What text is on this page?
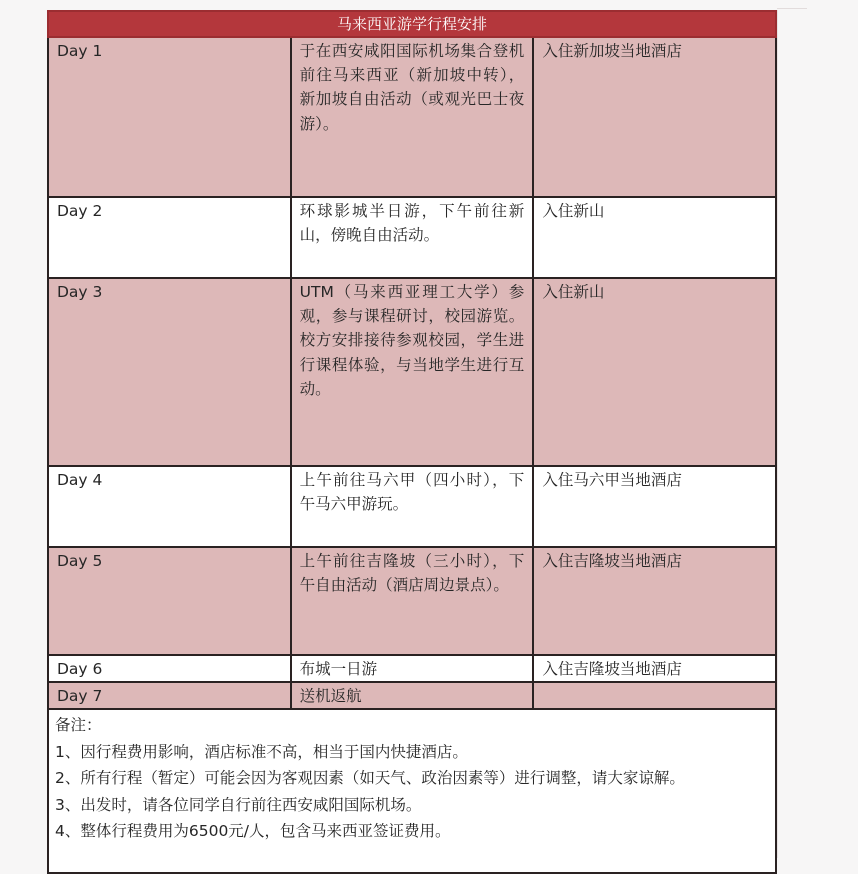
马来西亚游学行程安排		
Day 1	于在西安咸阳国际机场集合登机前往马来西亚（新加坡中转），新加坡自由活动（或观光巴士夜游）。	入住新加坡当地酒店
Day 2	环球影城半日游，下午前往新山，傍晚自由活动。	入住新山
Day 3	UTM（马来西亚理工大学）参观，参与课程研讨，校园游览。校方安排接待参观校园，学生进行课程体验，与当地学生进行互动。	入住新山
Day 4	上午前往马六甲（四小时），下午马六甲游玩。	入住马六甲当地酒店
Day 5	上午前往吉隆坡（三小时），下午自由活动（酒店周边景点）。	入住吉隆坡当地酒店
Day 6	布城一日游	入住吉隆坡当地酒店
Day 7	送机返航	

备注：

1、因行程费用影响，酒店标准不高，相当于国内快捷酒店。

2、所有行程（暂定）可能会因为客观因素（如天气、政治因素等）进行调整，请大家谅解。

3、出发时，请各位同学自行前往西安咸阳国际机场。

4、整体行程费用为6500元/人，包含马来西亚签证费用。
